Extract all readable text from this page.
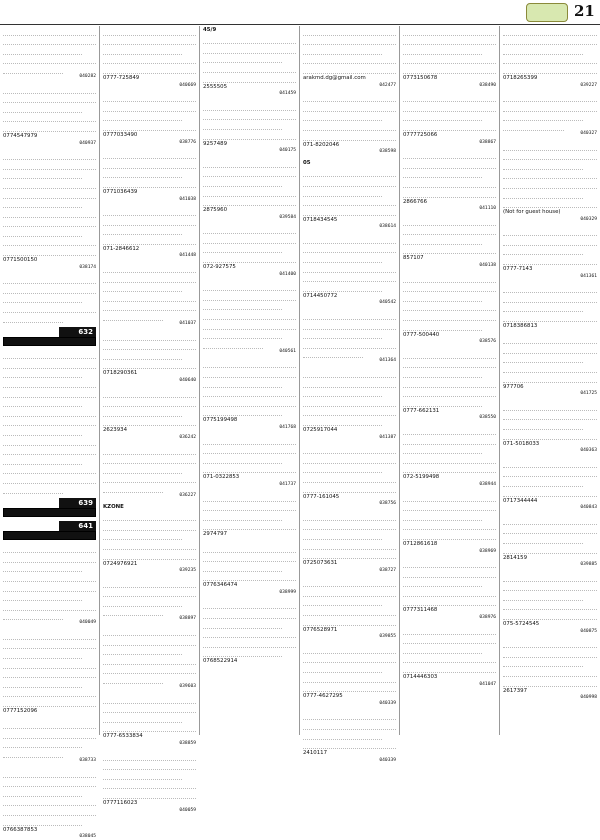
21
040282
0774547979
040937
0771500150
038174
632
639
641
040049
0777152096
038733
0766387853
038045
0777-725849
040669
0777033490
038776
0771036439
041038
071-2846612
041448
041037
0718290361
040640
2623934
036242
036227
KZONE
0724976921
039235
038897
039603
0777-6533834
038859
0777116023
040059
45/9
2555505
041459
9257489
040175
2875960
039584
072-927575
041400
040561
0775199498
041768
071-0322853
041737
2974797
0776346474
038999
0768522914
arakmd.dg@gmail.com
042477
071-8202046
038598
05
0718434545
038614
0714450772
040542
041364
0725917044
041387
0777-161045
038756
0725073631
038727
0776528971
039855
0777-4627295
040339
2410117
040339
0773150678
038490
0777725066
038867
2866766
041110
857107
040138
0777-500440
038576
0777-662131
038550
072-5199498
038944
0712861618
038969
0777311468
038976
0714446303
041047
0718265399
039227
040327
(Not for guest house)
040329
0777-7143
041361
0718386813
977706
041725
071-5018033
040363
0717344444
040843
2814159
039885
075-5724545
040875
2617397
040998
